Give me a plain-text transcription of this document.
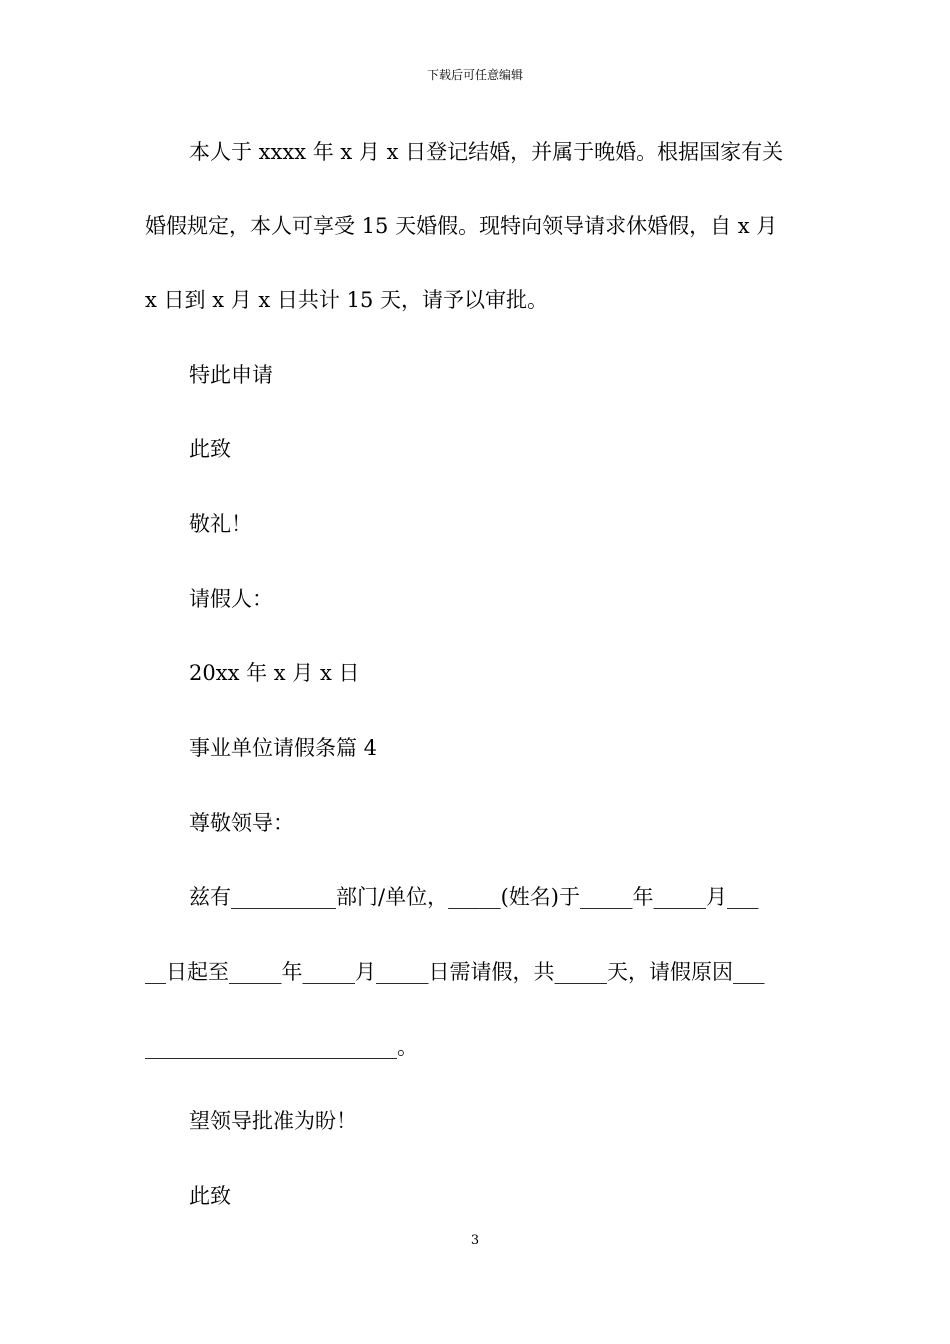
下载后可任意编辑
本人于 xxxx 年 x 月 x 日登记结婚，并属于晚婚。根据国家有关
婚假规定，本人可享受 15 天婚假。现特向领导请求休婚假，自 x 月
x 日到 x 月 x 日共计 15 天，请予以审批。
特此申请
此致
敬礼！
请假人：
20xx 年 x 月 x 日
事业单位请假条篇 4
尊敬领导：
兹有__________部门/单位，_____(姓名)于_____年_____月___
__日起至_____年_____月_____日需请假，共_____天，请假原因___
________________________。
望领导批准为盼！
此致
3
